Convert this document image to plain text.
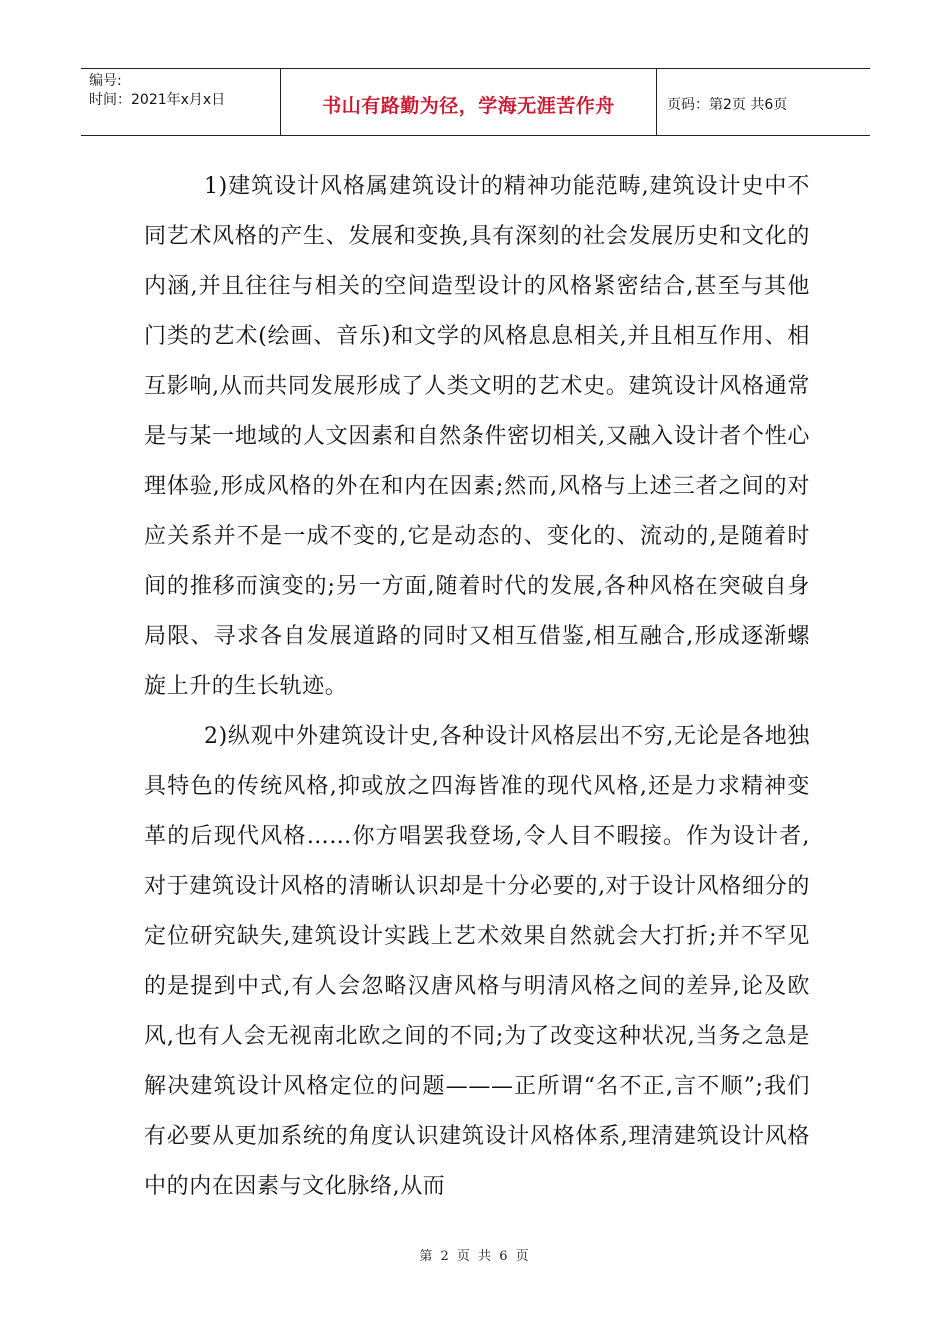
编号:
时间：2021年x月x日	书山有路勤为径，学海无涯苦作舟	页码：第2页 共6页

1)建筑设计风格属建筑设计的精神功能范畴,建筑设计史中不同艺术风格的产生、发展和变换,具有深刻的社会发展历史和文化的内涵,并且往往与相关的空间造型设计的风格紧密结合,甚至与其他门类的艺术(绘画、音乐)和文学的风格息息相关,并且相互作用、相互影响,从而共同发展形成了人类文明的艺术史。建筑设计风格通常是与某一地域的人文因素和自然条件密切相关,又融入设计者个性心理体验,形成风格的外在和内在因素;然而,风格与上述三者之间的对应关系并不是一成不变的,它是动态的、变化的、流动的,是随着时间的推移而演变的;另一方面,随着时代的发展,各种风格在突破自身局限、寻求各自发展道路的同时又相互借鉴,相互融合,形成逐渐螺旋上升的生长轨迹。

2)纵观中外建筑设计史,各种设计风格层出不穷,无论是各地独具特色的传统风格,抑或放之四海皆准的现代风格,还是力求精神变革的后现代风格……你方唱罢我登场,令人目不暇接。作为设计者,对于建筑设计风格的清晰认识却是十分必要的,对于设计风格细分的定位研究缺失,建筑设计实践上艺术效果自然就会大打折;并不罕见的是提到中式,有人会忽略汉唐风格与明清风格之间的差异,论及欧风,也有人会无视南北欧之间的不同;为了改变这种状况,当务之急是解决建筑设计风格定位的问题———正所谓“名不正,言不顺”;我们有必要从更加系统的角度认识建筑设计风格体系,理清建筑设计风格中的内在因素与文化脉络,从而

第 2 页 共 6 页
